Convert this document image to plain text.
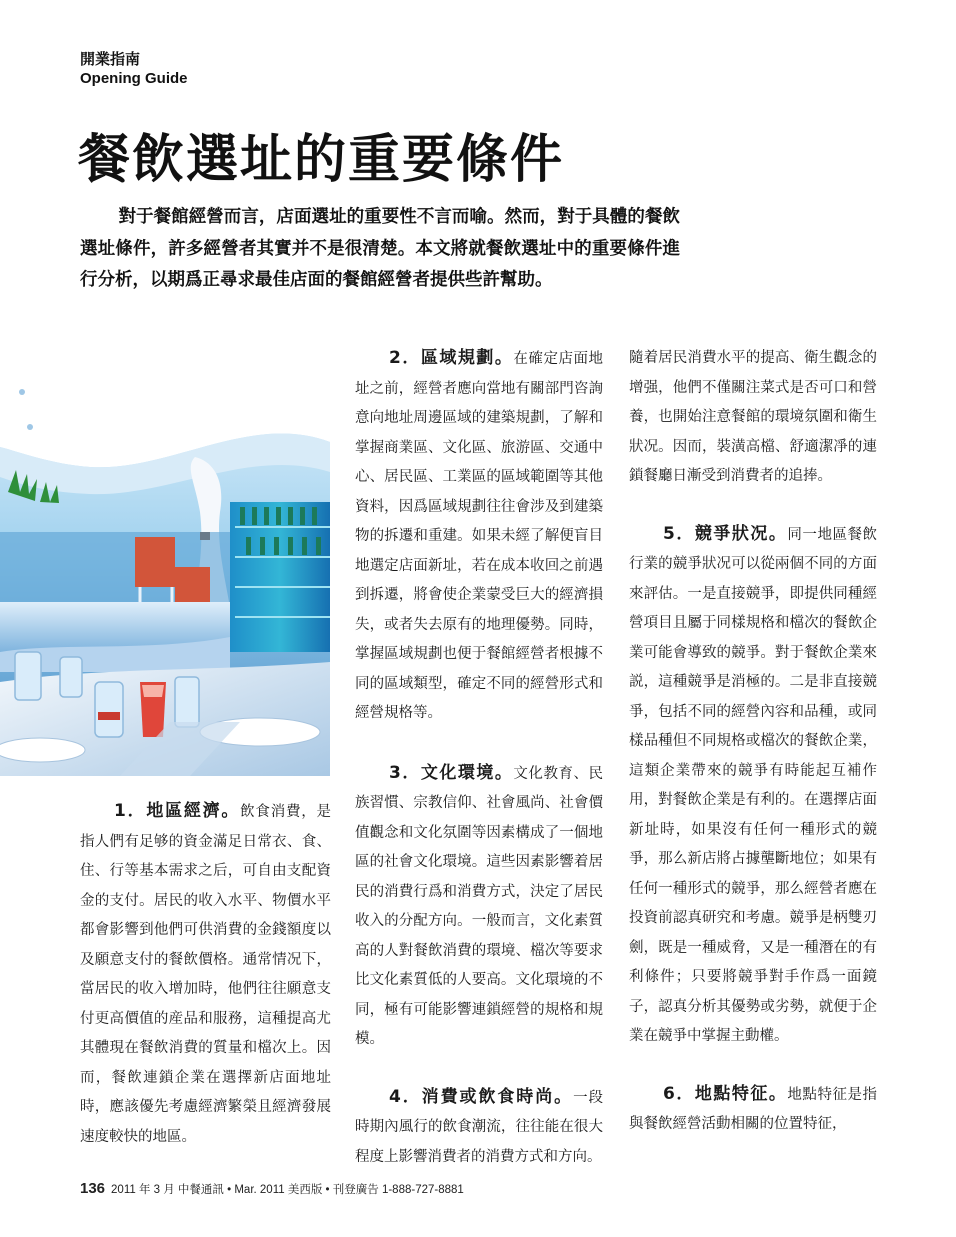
開業指南
Opening Guide
餐飲選址的重要條件
對于餐館經營而言，店面選址的重要性不言而喻。然而，對于具體的餐飲選址條件，許多經營者其實并不是很清楚。本文將就餐飲選址中的重要條件進行分析，以期爲正尋求最佳店面的餐館經營者提供些許幫助。

1．地區經濟。飲食消費，是指人們有足够的資金滿足日常衣、食、住、行等基本需求之后，可自由支配資金的支付。居民的收入水平、物價水平都會影響到他們可供消費的金錢額度以及願意支付的餐飲價格。通常情况下，當居民的收入增加時，他們往往願意支付更高價值的産品和服務，這種提高尤其體現在餐飲消費的質量和檔次上。因而，餐飲連鎖企業在選擇新店面地址時，應該優先考慮經濟繁榮且經濟發展速度較快的地區。

2．區域規劃。在確定店面地址之前，經營者應向當地有關部門咨詢意向地址周邊區域的建築規劃，了解和掌握商業區、文化區、旅游區、交通中心、居民區、工業區的區域範圍等其他資料，因爲區域規劃往往會涉及到建築物的拆遷和重建。如果未經了解便盲目地選定店面新址，若在成本收回之前遇到拆遷，將會使企業蒙受巨大的經濟損失，或者失去原有的地理優勢。同時，掌握區域規劃也便于餐館經營者根據不同的區域類型，確定不同的經營形式和經營規格等。

3．文化環境。文化教育、民族習慣、宗教信仰、社會風尚、社會價值觀念和文化氛圍等因素構成了一個地區的社會文化環境。這些因素影響着居民的消費行爲和消費方式，決定了居民收入的分配方向。一般而言，文化素質高的人對餐飲消費的環境、檔次等要求比文化素質低的人要高。文化環境的不同，極有可能影響連鎖經營的規格和規模。

4．消費或飲食時尚。一段時期內風行的飲食潮流，往往能在很大程度上影響消費者的消費方式和方向。

隨着居民消費水平的提高、衛生觀念的增强，他們不僅關注菜式是否可口和營養，也開始注意餐館的環境氛圍和衛生狀况。因而，裝潢高檔、舒適潔凈的連鎖餐廳日漸受到消費者的追捧。

5．競爭狀况。同一地區餐飲行業的競爭狀况可以從兩個不同的方面來評估。一是直接競爭，即提供同種經營項目且屬于同樣規格和檔次的餐飲企業可能會導致的競爭。對于餐飲企業來説，這種競爭是消極的。二是非直接競爭，包括不同的經營內容和品種，或同樣品種但不同規格或檔次的餐飲企業，這類企業帶來的競爭有時能起互補作用，對餐飲企業是有利的。在選擇店面新址時，如果沒有任何一種形式的競爭，那么新店將占據壟斷地位；如果有任何一種形式的競爭，那么經營者應在投資前認真研究和考慮。競爭是柄雙刃劍，既是一種威脅，又是一種潛在的有利條件；只要將競爭對手作爲一面鏡子，認真分析其優勢或劣勢，就便于企業在競爭中掌握主動權。

6．地點特征。地點特征是指與餐飲經營活動相關的位置特征，

136 2011 年 3 月 中餐通訊 • Mar. 2011 美西版 • 刊登廣告 1-888-727-8881
